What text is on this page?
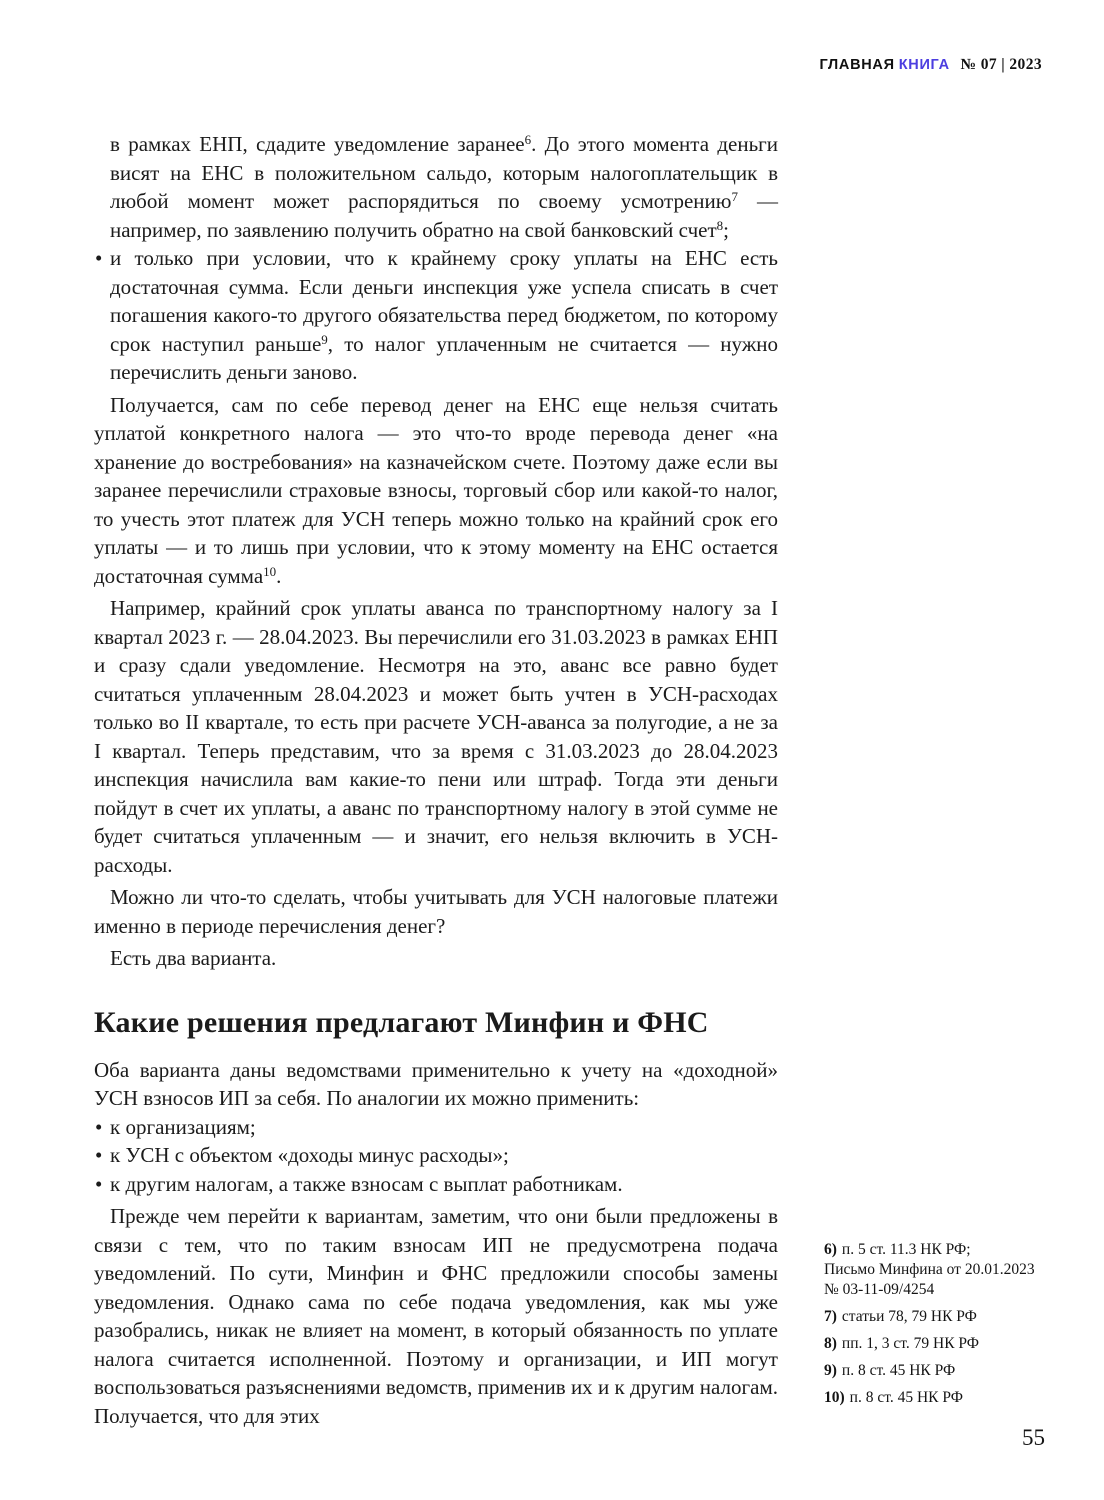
ГЛАВНАЯ КНИГА № 07 | 2023

в рамках ЕНП, сдадите уведомление заранее$^6$. До этого момента деньги висят на ЕНС в положительном сальдо, которым налогоплательщик в любой момент может распорядиться по своему усмотрению$^7$ — например, по заявлению получить обратно на свой банковский счет$^8$;

• и только при условии, что к крайнему сроку уплаты на ЕНС есть достаточная сумма. Если деньги инспекция уже успела списать в счет погашения какого-то другого обязательства перед бюджетом, по которому срок наступил раньше$^9$, то налог уплаченным не считается — нужно перечислить деньги заново.

Получается, сам по себе перевод денег на ЕНС еще нельзя считать уплатой конкретного налога — это что-то вроде перевода денег «на хранение до востребования» на казначейском счете. Поэтому даже если вы заранее перечислили страховые взносы, торговый сбор или какой-то налог, то учесть этот платеж для УСН теперь можно только на крайний срок его уплаты — и то лишь при условии, что к этому моменту на ЕНС остается достаточная сумма$^{10}$.

Например, крайний срок уплаты аванса по транспортному налогу за I квартал 2023 г. — 28.04.2023. Вы перечислили его 31.03.2023 в рамках ЕНП и сразу сдали уведомление. Несмотря на это, аванс все равно будет считаться уплаченным 28.04.2023 и может быть учтен в УСН-расходах только во II квартале, то есть при расчете УСН-аванса за полугодие, а не за I квартал. Теперь представим, что за время с 31.03.2023 до 28.04.2023 инспекция начислила вам какие-то пени или штраф. Тогда эти деньги пойдут в счет их уплаты, а аванс по транспортному налогу в этой сумме не будет считаться уплаченным — и значит, его нельзя включить в УСН-расходы.

Можно ли что-то сделать, чтобы учитывать для УСН налоговые платежи именно в периоде перечисления денег?

Есть два варианта.

Какие решения предлагают Минфин и ФНС

Оба варианта даны ведомствами применительно к учету на «доходной» УСН взносов ИП за себя. По аналогии их можно применить:

• к организациям;

• к УСН с объектом «доходы минус расходы»;

• к другим налогам, а также взносам с выплат работникам.

Прежде чем перейти к вариантам, заметим, что они были предложены в связи с тем, что по таким взносам ИП не предусмотрена подача уведомлений. По сути, Минфин и ФНС предложили способы замены уведомления. Однако сама по себе подача уведомления, как мы уже разобрались, никак не влияет на момент, в который обязанность по уплате налога считается исполненной. Поэтому и организации, и ИП могут воспользоваться разъяснениями ведомств, применив их и к другим налогам. Получается, что для этих

6) п. 5 ст. 11.3 НК РФ;
Письмо Минфина от 20.01.2023
№ 03-11-09/4254
7) статьи 78, 79 НК РФ
8) пп. 1, 3 ст. 79 НК РФ
9) п. 8 ст. 45 НК РФ
10) п. 8 ст. 45 НК РФ
55
